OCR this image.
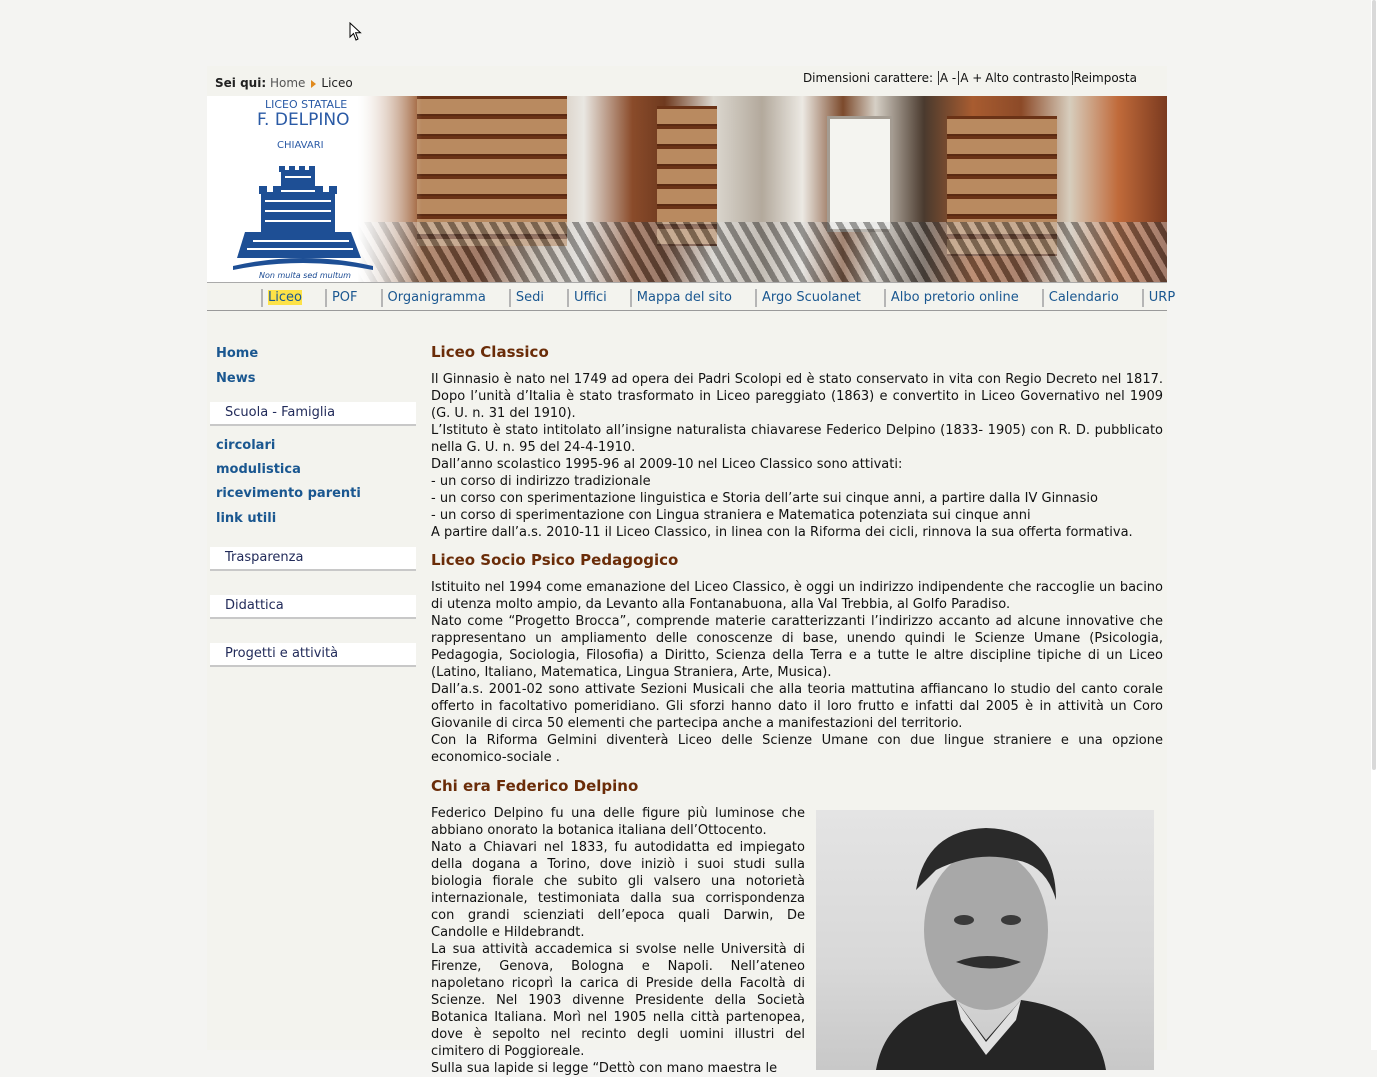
Sei qui: Home Liceo	Dimensioni carattere: A - A + Alto contrasto Reimposta
LICEO STATALE
F. DELPINO
CHIAVARI
Non multa sed multum
Liceo POF Organigramma Sedi Uffici Mappa del sito Argo Scuolanet Albo pretorio online Calendario URP
Home
News
Scuola - Famiglia
circolari
modulistica
ricevimento parenti
link utili
Trasparenza
Didattica
Progetti e attività
Liceo Classico

Il Ginnasio è nato nel 1749 ad opera dei Padri Scolopi ed è stato conservato in vita con Regio Decreto nel 1817. Dopo l’unità d’Italia è stato trasformato in Liceo pareggiato (1863) e convertito in Liceo Governativo nel 1909 (G. U. n. 31 del 1910).

L’Istituto è stato intitolato all’insigne naturalista chiavarese Federico Delpino (1833- 1905) con R. D. pubblicato nella G. U. n. 95 del 24-4-1910.

Dall’anno scolastico 1995-96 al 2009-10 nel Liceo Classico sono attivati:

- un corso di indirizzo tradizionale

- un corso con sperimentazione linguistica e Storia dell’arte sui cinque anni, a partire dalla IV Ginnasio

- un corso di sperimentazione con Lingua straniera e Matematica potenziata sui cinque anni

A partire dall’a.s. 2010-11 il Liceo Classico, in linea con la Riforma dei cicli, rinnova la sua offerta formativa.

Liceo Socio Psico Pedagogico

Istituito nel 1994 come emanazione del Liceo Classico, è oggi un indirizzo indipendente che raccoglie un bacino di utenza molto ampio, da Levanto alla Fontanabuona, alla Val Trebbia, al Golfo Paradiso.

Nato come “Progetto Brocca”, comprende materie caratterizzanti l’indirizzo accanto ad alcune innovative che rappresentano un ampliamento delle conoscenze di base, unendo quindi le Scienze Umane (Psicologia, Pedagogia, Sociologia, Filosofia) a Diritto, Scienza della Terra e a tutte le altre discipline tipiche di un Liceo (Latino, Italiano, Matematica, Lingua Straniera, Arte, Musica).

Dall’a.s. 2001-02 sono attivate Sezioni Musicali che alla teoria mattutina affiancano lo studio del canto corale offerto in facoltativo pomeridiano. Gli sforzi hanno dato il loro frutto e infatti dal 2005 è in attività un Coro Giovanile di circa 50 elementi che partecipa anche a manifestazioni del territorio.

Con la Riforma Gelmini diventerà Liceo delle Scienze Umane con due lingue straniere e una opzione economico-sociale .

Chi era Federico Delpino

Federico Delpino fu una delle figure più luminose che abbiano onorato la botanica italiana dell’Ottocento.

Nato a Chiavari nel 1833, fu autodidatta ed impiegato della dogana a Torino, dove iniziò i suoi studi sulla biologia fiorale che subito gli valsero una notorietà internazionale, testimoniata dalla sua corrispondenza con grandi scienziati dell’epoca quali Darwin, De Candolle e Hildebrandt.

La sua attività accademica si svolse nelle Università di Firenze, Genova, Bologna e Napoli. Nell’ateneo napoletano ricoprì la carica di Preside della Facoltà di Scienze. Nel 1903 divenne Presidente della Società Botanica Italiana. Morì nel 1905 nella città partenopea, dove è sepolto nel recinto degli uomini illustri del cimitero di Poggioreale.

Sulla sua lapide si legge “Dettò con mano maestra le
